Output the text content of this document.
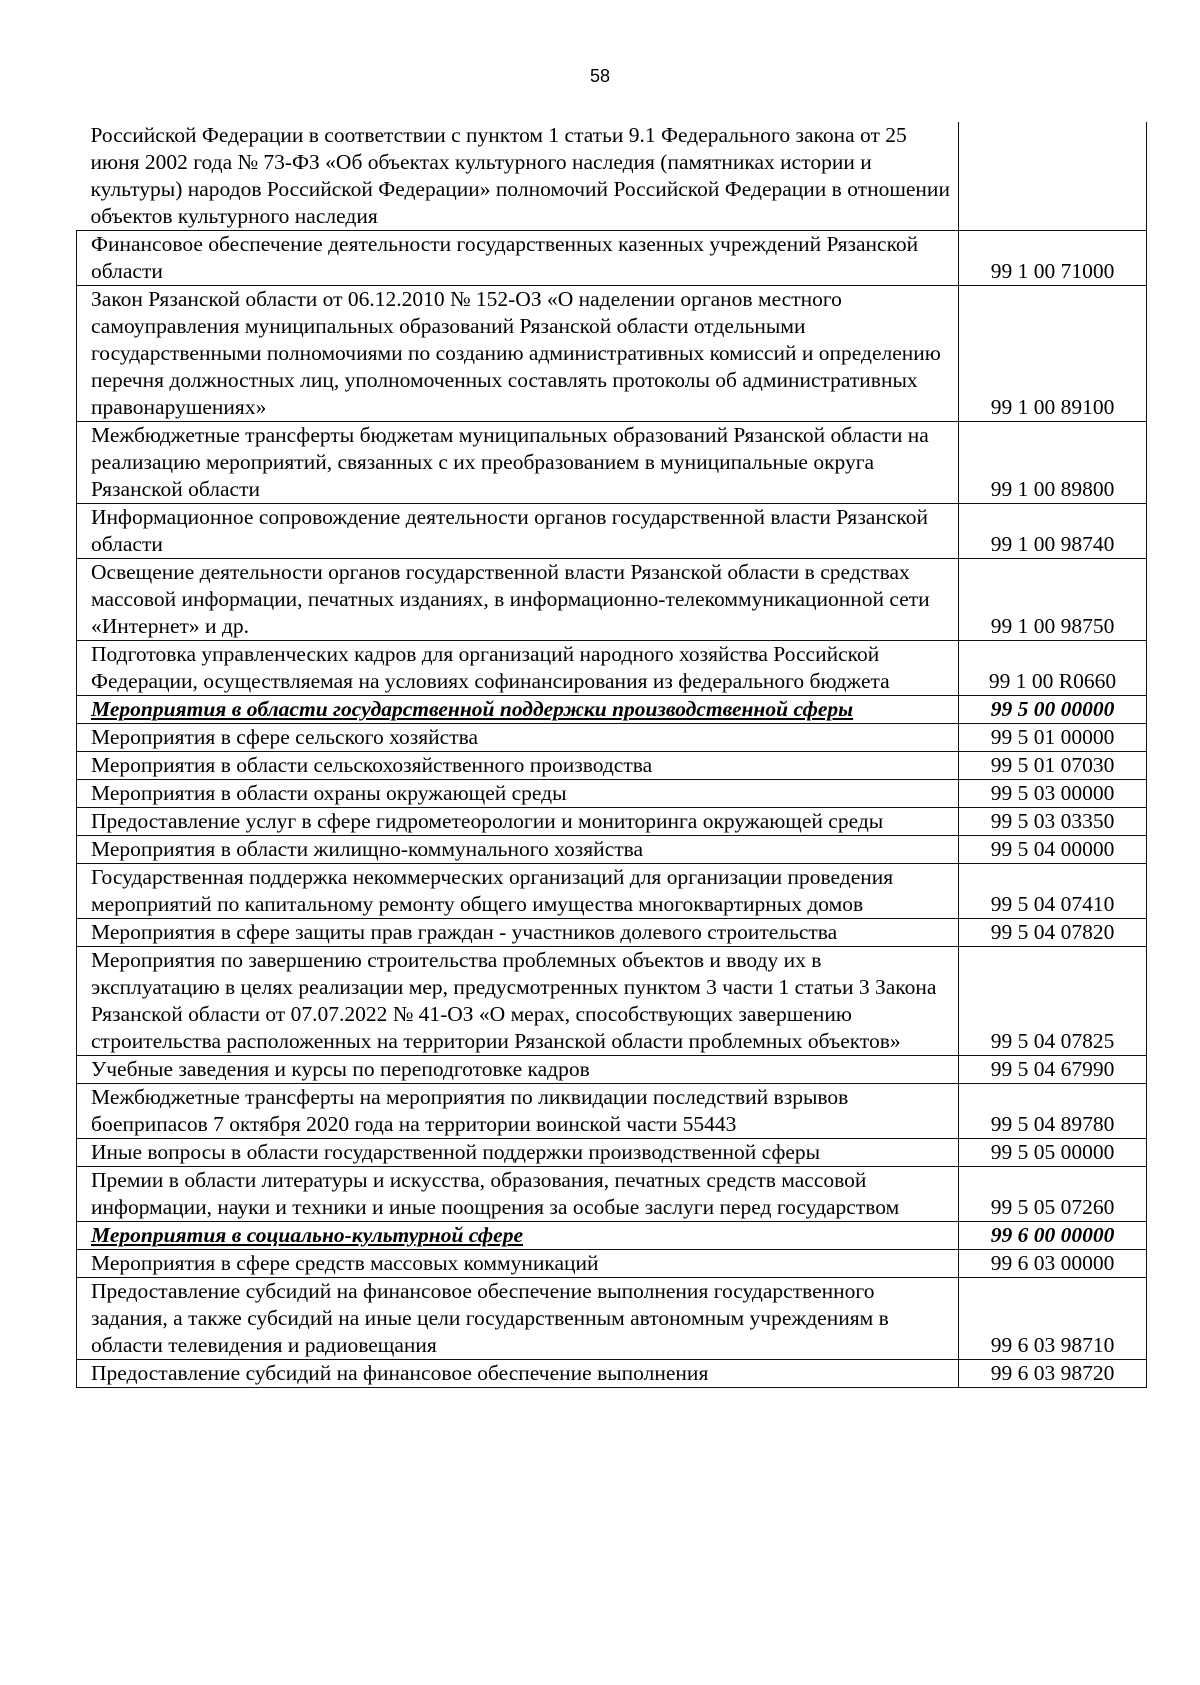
58
Российской Федерации в соответствии с пунктом 1 статьи 9.1 Федерального закона от 25 июня 2002 года № 73-ФЗ «Об объектах культурного наследия (памятниках истории и культуры) народов Российской Федерации» полномочий Российской Федерации в отношении объектов культурного наследия	
Финансовое обеспечение деятельности государственных казенных учреждений Рязанской области	99 1 00 71000
Закон Рязанской области от 06.12.2010 № 152-ОЗ «О наделении органов местного самоуправления муниципальных образований Рязанской области отдельными государственными полномочиями по созданию административных комиссий и определению перечня должностных лиц, уполномоченных составлять протоколы об административных правонарушениях»	99 1 00 89100
Межбюджетные трансферты бюджетам муниципальных образований Рязанской области на реализацию мероприятий, связанных с их преобразованием в муниципальные округа Рязанской области	99 1 00 89800
Информационное сопровождение деятельности органов государственной власти Рязанской области	99 1 00 98740
Освещение деятельности органов государственной власти Рязанской области в средствах массовой информации, печатных изданиях, в информационно-телекоммуникационной сети «Интернет» и др.	99 1 00 98750
Подготовка управленческих кадров для организаций народного хозяйства Российской Федерации, осуществляемая на условиях софинансирования из федерального бюджета	99 1 00 R0660
Мероприятия в области государственной поддержки производственной сферы	99 5 00 00000
Мероприятия в сфере сельского хозяйства	99 5 01 00000
Мероприятия в области сельскохозяйственного производства	99 5 01 07030
Мероприятия в области охраны окружающей среды	99 5 03 00000
Предоставление услуг в сфере гидрометеорологии и мониторинга окружающей среды	99 5 03 03350
Мероприятия в области жилищно-коммунального хозяйства	99 5 04 00000
Государственная поддержка некоммерческих организаций для организации проведения мероприятий по капитальному ремонту общего имущества многоквартирных домов	99 5 04 07410
Мероприятия в сфере защиты прав граждан - участников долевого строительства	99 5 04 07820
Мероприятия по завершению строительства проблемных объектов и вводу их в эксплуатацию в целях реализации мер, предусмотренных пунктом 3 части 1 статьи 3 Закона Рязанской области от 07.07.2022 № 41-ОЗ «О мерах, способствующих завершению строительства расположенных на территории Рязанской области проблемных объектов»	99 5 04 07825
Учебные заведения и курсы по переподготовке кадров	99 5 04 67990
Межбюджетные трансферты на мероприятия по ликвидации последствий взрывов боеприпасов 7 октября 2020 года на территории воинской части 55443	99 5 04 89780
Иные вопросы в области государственной поддержки производственной сферы	99 5 05 00000
Премии в области литературы и искусства, образования, печатных средств массовой информации, науки и техники и иные поощрения за особые заслуги перед государством	99 5 05 07260
Мероприятия в социально-культурной сфере	99 6 00 00000
Мероприятия в сфере средств массовых коммуникаций	99 6 03 00000
Предоставление субсидий на финансовое обеспечение выполнения государственного задания, а также субсидий на иные цели государственным автономным учреждениям в области телевидения и радиовещания	99 6 03 98710
Предоставление субсидий на финансовое обеспечение выполнения	99 6 03 98720
